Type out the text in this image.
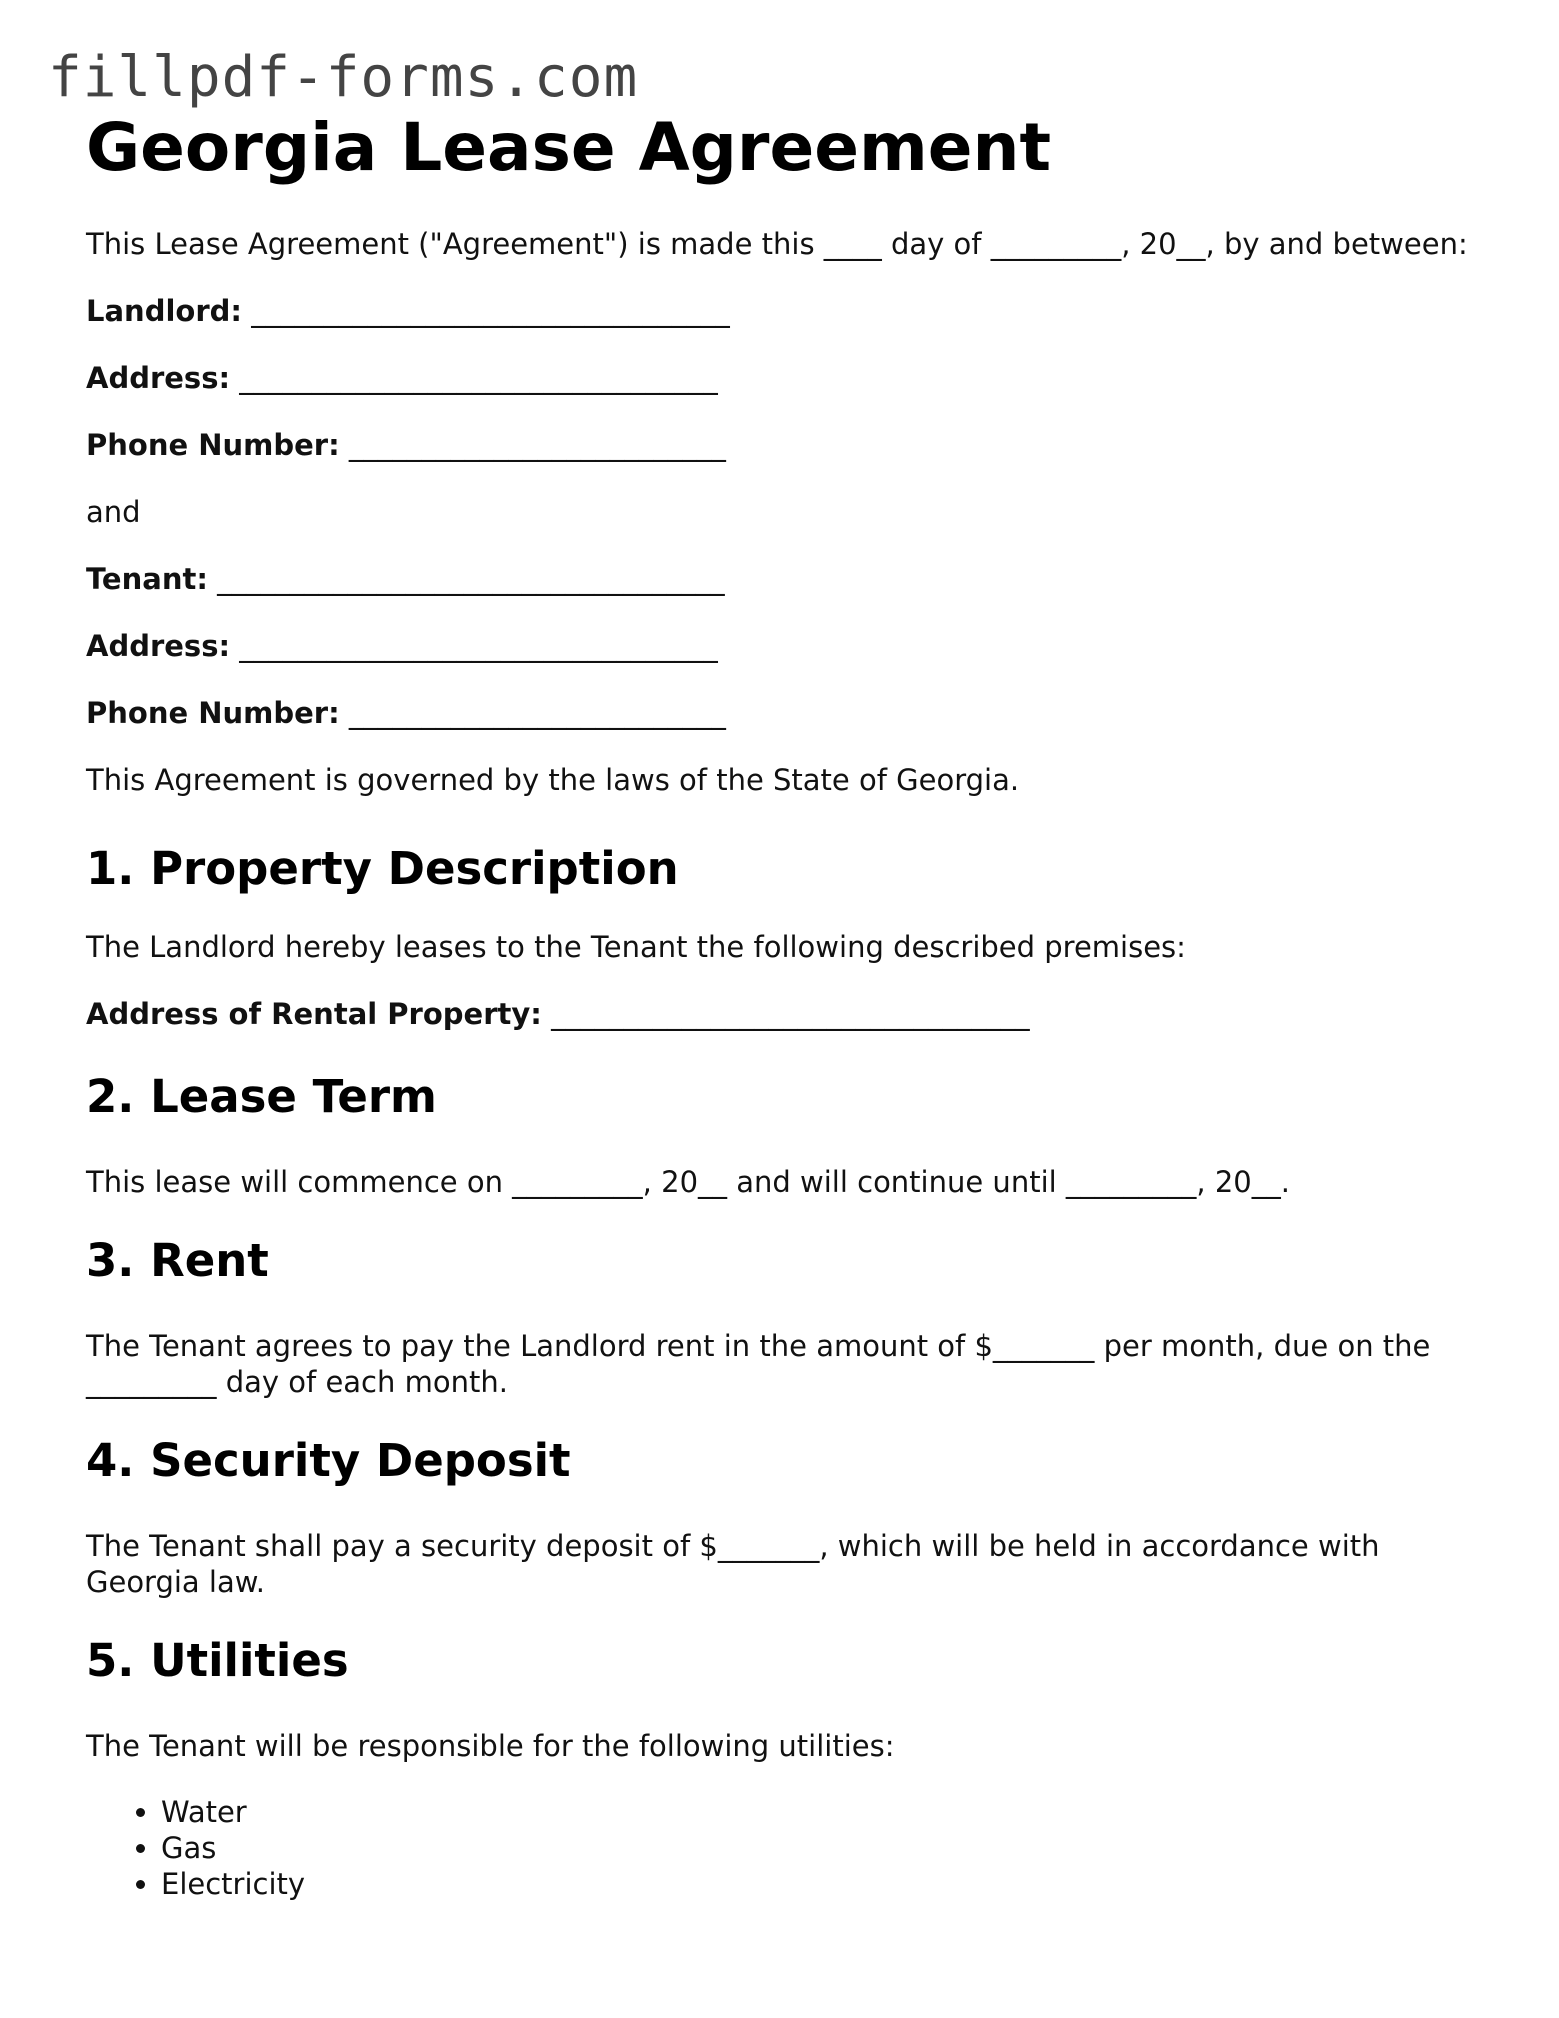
fillpdf-forms.com
Georgia Lease Agreement

This Lease Agreement ("Agreement") is made this ____ day of _________, 20__, by and between:

Landlord: _________________________________

Address: _________________________________

Phone Number: __________________________

and

Tenant: ___________________________________

Address: _________________________________

Phone Number: __________________________

This Agreement is governed by the laws of the State of Georgia.

1. Property Description

The Landlord hereby leases to the Tenant the following described premises:

Address of Rental Property: _________________________________

2. Lease Term

This lease will commence on _________, 20__ and will continue until _________, 20__.

3. Rent

The Tenant agrees to pay the Landlord rent in the amount of $_______ per month, due on the _________ day of each month.

4. Security Deposit

The Tenant shall pay a security deposit of $_______, which will be held in accordance with Georgia law.

5. Utilities

The Tenant will be responsible for the following utilities:

• Water
• Gas
• Electricity
